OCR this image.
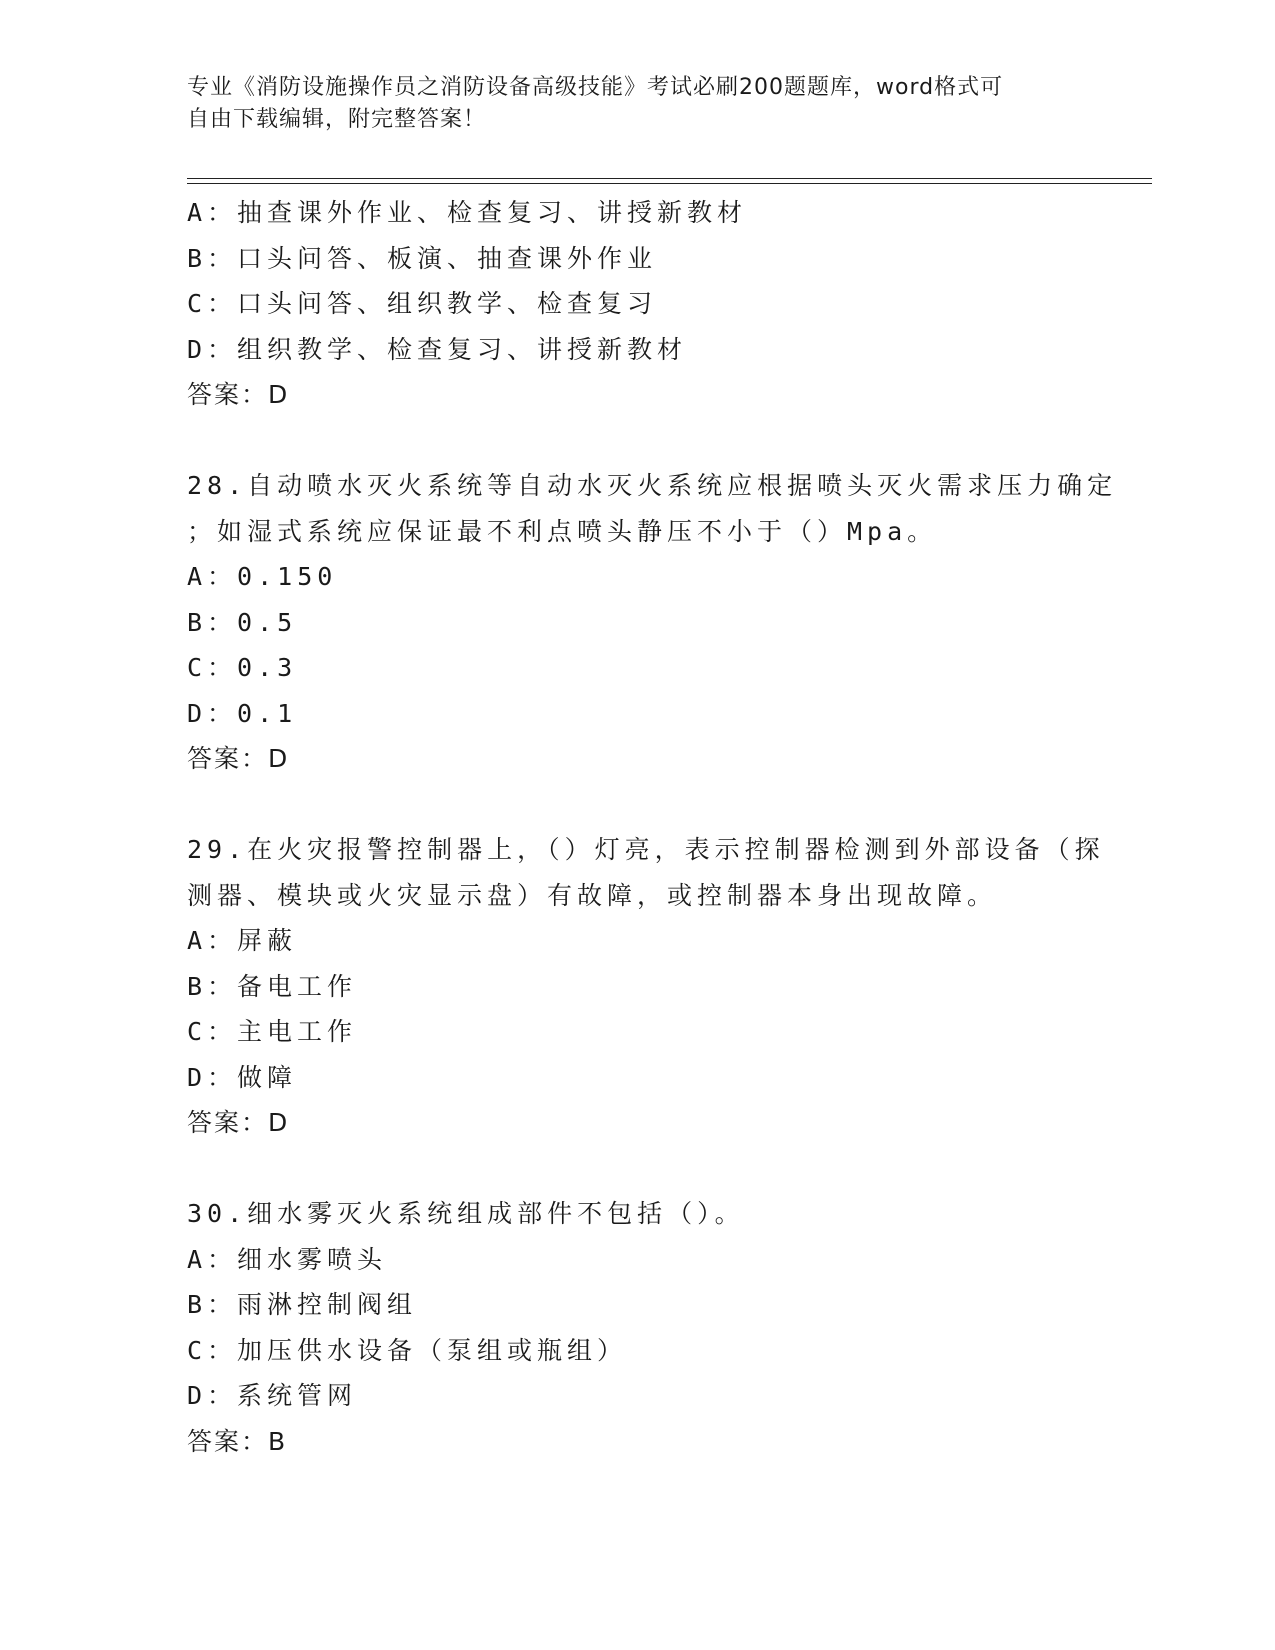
专业《消防设施操作员之消防设备高级技能》考试必刷200题题库，word格式可
自由下载编辑，附完整答案！
A：抽查课外作业、检查复习、讲授新教材
B：口头问答、板演、抽查课外作业
C：口头问答、组织教学、检查复习
D：组织教学、检查复习、讲授新教材
答案：D
28.自动喷水灭火系统等自动水灭火系统应根据喷头灭火需求压力确定
；如湿式系统应保证最不利点喷头静压不小于（）Mpa。
A：0.150
B：0.5
C：0.3
D：0.1
答案：D
29.在火灾报警控制器上，（）灯亮，表示控制器检测到外部设备（探
测器、模块或火灾显示盘）有故障，或控制器本身出现故障。
A：屏蔽
B：备电工作
C：主电工作
D：做障
答案：D
30.细水雾灭火系统组成部件不包括（）。
A：细水雾喷头
B：雨淋控制阀组
C：加压供水设备（泵组或瓶组）
D：系统管网
答案：B
